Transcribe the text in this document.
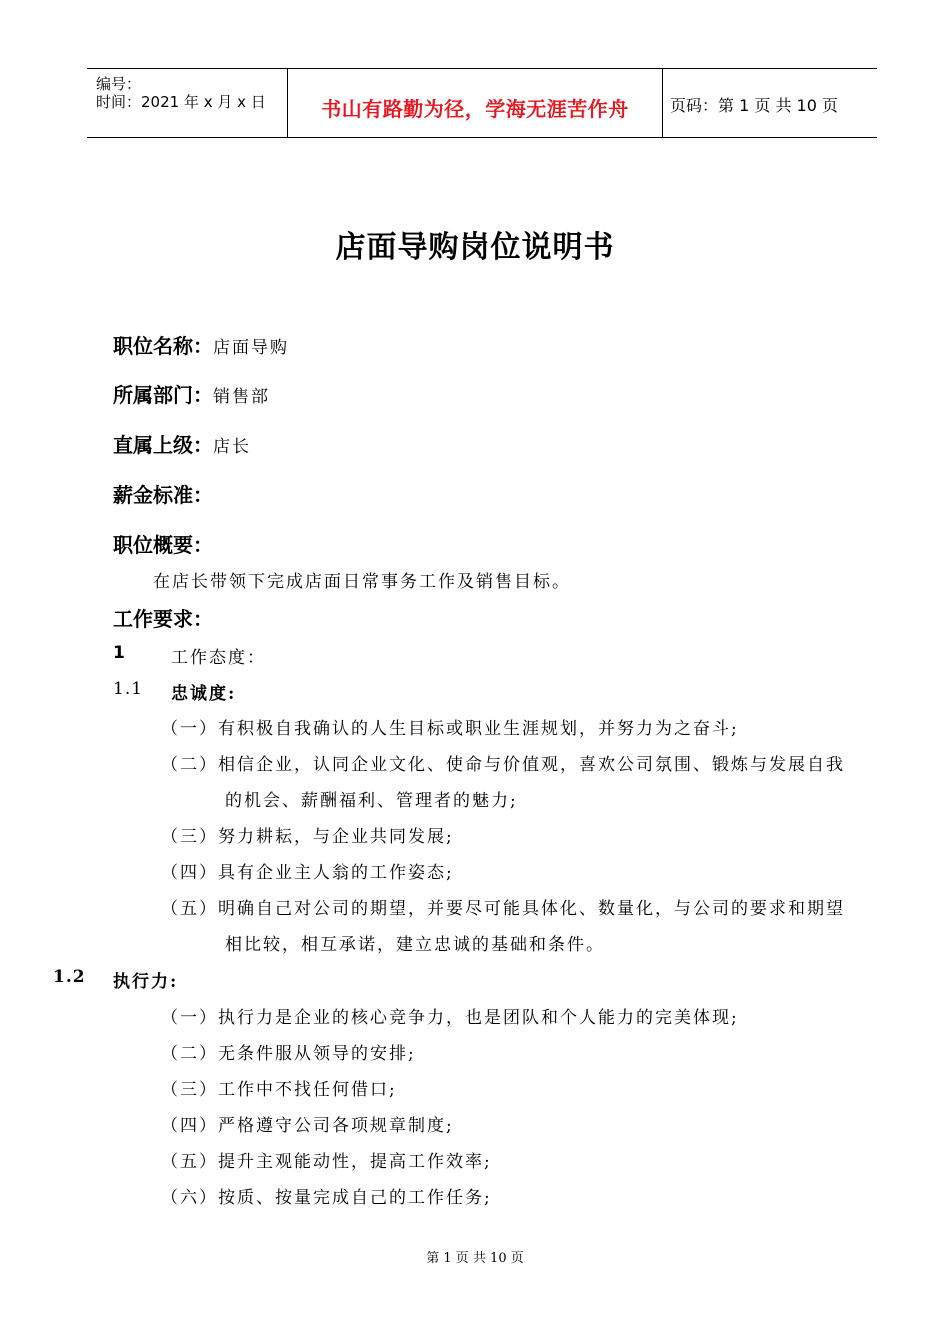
编号：
时间：2021 年 x 月 x 日	书山有路勤为径，学海无涯苦作舟	页码：第 1 页 共 10 页
店面导购岗位说明书
职位名称：店面导购
所属部门：销售部
直属上级：店长
薪金标准：
职位概要：
在店长带领下完成店面日常事务工作及销售目标。
工作要求：
1	工作态度：
1.1 忠诚度:
（一）有积极自我确认的人生目标或职业生涯规划，并努力为之奋斗;
（二）相信企业，认同企业文化、使命与价值观，喜欢公司氛围、锻炼与发展自我
的机会、薪酬福利、管理者的魅力;
（三）努力耕耘，与企业共同发展;
（四）具有企业主人翁的工作姿态;
（五）明确自己对公司的期望，并要尽可能具体化、数量化，与公司的要求和期望
相比较，相互承诺，建立忠诚的基础和条件。
1.2 执行力:
（一）执行力是企业的核心竞争力，也是团队和个人能力的完美体现;
（二）无条件服从领导的安排;
（三）工作中不找任何借口;
（四）严格遵守公司各项规章制度;
（五）提升主观能动性，提高工作效率;
（六）按质、按量完成自己的工作任务;
第 1 页 共 10 页
